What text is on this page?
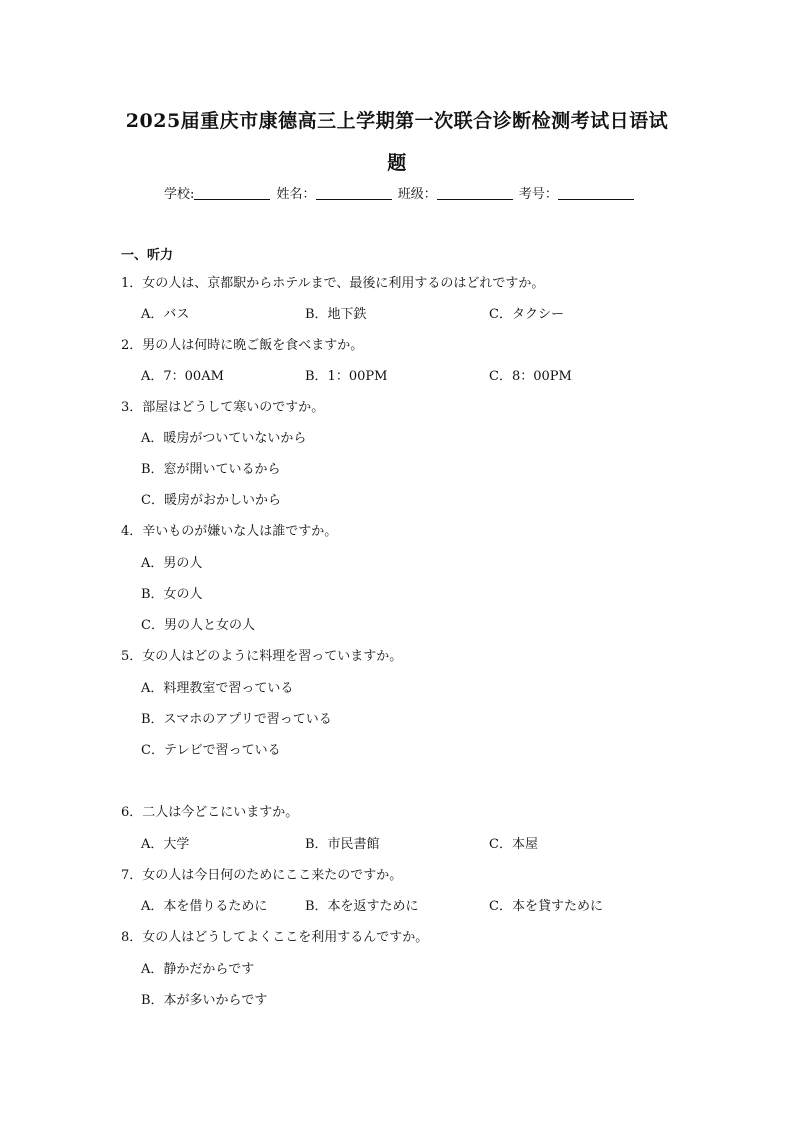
2025届重庆市康德高三上学期第一次联合诊断检测考试日语试
题
学校:	姓名：	班级：	考号：
一、听力
1．女の人は、京都駅からホテルまで、最後に利用するのはどれですか。
A．バス	B．地下鉄	C．タクシー
2．男の人は何時に晩ご飯を食べますか。
A．7：00AM	B．1：00PM	C．8：00PM
3．部屋はどうして寒いのですか。
A．暖房がついていないから
B．窓が開いているから
C．暖房がおかしいから
4．辛いものが嫌いな人は誰ですか。
A．男の人
B．女の人
C．男の人と女の人
5．女の人はどのように料理を習っていますか。
A．料理教室で習っている
B．スマホのアプリで習っている
C．テレビで習っている
6．二人は今どこにいますか。
A．大学	B．市民書館	C．本屋
7．女の人は今日何のためにここ来たのですか。
A．本を借りるために	B．本を返すために	C．本を貸すために
8．女の人はどうしてよくここを利用するんですか。
A．静かだからです
B．本が多いからです
